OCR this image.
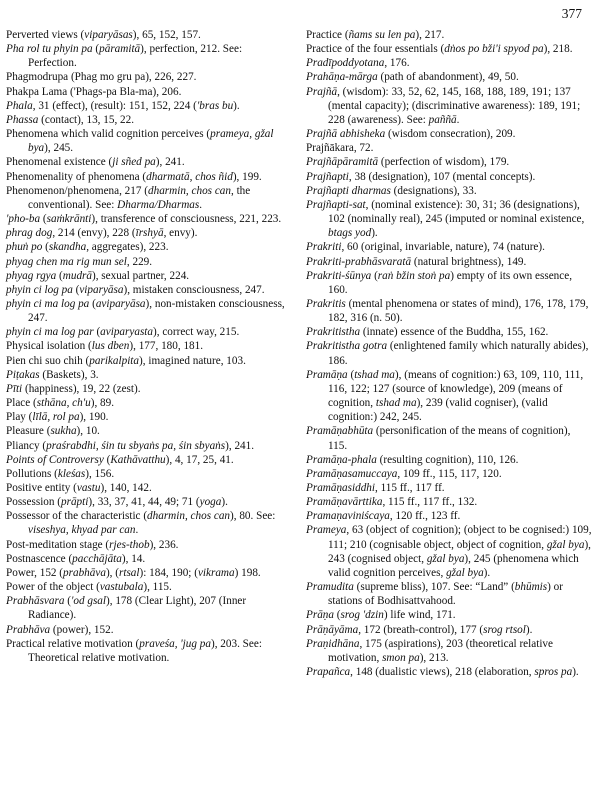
377

Perverted views (viparyāsas), 65, 152, 157.

Pha rol tu phyin pa (pāramitā), perfection, 212. See: Perfection.

Phagmodrupa (Phag mo gru pa), 226, 227.

Phakpa Lama ('Phags-pa Bla-ma), 206.

Phala, 31 (effect), (result): 151, 152, 224 ('bras bu).

Phassa (contact), 13, 15, 22.

Phenomena which valid cognition perceives (prameya, gžal bya), 245.

Phenomenal existence (ji sñed pa), 241.

Phenomenality of phenomena (dharmatā, chos ñid), 199.

Phenomenon/phenomena, 217 (dharmin, chos can, the conventional). See: Dharma/Dharmas.

'pho-ba (saṁkrānti), transference of consciousness, 221, 223.

phrag dog, 214 (envy), 228 (īrshyā, envy).

phuṅ po (skandha, aggregates), 223.

phyag chen ma rig mun sel, 229.

phyag rgya (mudrā), sexual partner, 224.

phyin ci log pa (viparyāsa), mistaken consciousness, 247.

phyin ci ma log pa (aviparyāsa), non-mistaken consciousness, 247.

phyin ci ma log par (aviparyasta), correct way, 215.

Physical isolation (lus dben), 177, 180, 181.

Pien chi suo chih (parikalpita), imagined nature, 103.

Piṭakas (Baskets), 3.

Pīti (happiness), 19, 22 (zest).

Place (sthāna, ch'u), 89.

Play (līlā, rol pa), 190.

Pleasure (sukha), 10.

Pliancy (praśrabdhi, śin tu sbyaṅs pa, śin sbyaṅs), 241.

Points of Controversy (Kathāvatthu), 4, 17, 25, 41.

Pollutions (kleśas), 156.

Positive entity (vastu), 140, 142.

Possession (prāpti), 33, 37, 41, 44, 49; 71 (yoga).

Possessor of the characteristic (dharmin, chos can), 80. See: viseshya, khyad par can.

Post-meditation stage (rjes-thob), 236.

Postnascence (pacchājāta), 14.

Power, 152 (prabhāva), (rtsal): 184, 190; (vikrama) 198.

Power of the object (vastubala), 115.

Prabhāsvara ('od gsal), 178 (Clear Light), 207 (Inner Radiance).

Prabhāva (power), 152.

Practical relative motivation (praveśa, 'jug pa), 203. See: Theoretical relative motivation.

Practice (ñams su len pa), 217.

Practice of the four essentials (dṅos po bži'i spyod pa), 218.

Pradīpoddyotana, 176.

Prahāṇa-mārga (path of abandonment), 49, 50.

Prajñā, (wisdom): 33, 52, 62, 145, 168, 188, 189, 191; 137 (mental capacity); (discriminative awareness): 189, 191; 228 (awareness). See: paññā.

Prajñā abhisheka (wisdom consecration), 209.

Prajñākara, 72.

Prajñāpāramitā (perfection of wisdom), 179.

Prajñapti, 38 (designation), 107 (mental concepts).

Prajñapti dharmas (designations), 33.

Prajñapti-sat, (nominal existence): 30, 31; 36 (designations), 102 (nominally real), 245 (imputed or nominal existence, btags yod).

Prakriti, 60 (original, invariable, nature), 74 (nature).

Prakriti-prabhāsvaratā (natural brightness), 149.

Prakriti-śūnya (raṅ bžin stoṅ pa) empty of its own essence, 160.

Prakritis (mental phenomena or states of mind), 176, 178, 179, 182, 316 (n. 50).

Prakritistha (innate) essence of the Buddha, 155, 162.

Prakritistha gotra (enlightened family which naturally abides), 186.

Pramāṇa (tshad ma), (means of cognition:) 63, 109, 110, 111, 116, 122; 127 (source of knowledge), 209 (means of cognition, tshad ma), 239 (valid cogniser), (valid cognition:) 242, 245.

Pramāṇabhūta (personification of the means of cognition), 115.

Pramāṇa-phala (resulting cognition), 110, 126.

Pramāṇasamuccaya, 109 ff., 115, 117, 120.

Pramāṇasiddhi, 115 ff., 117 ff.

Pramāṇavārttika, 115 ff., 117 ff., 132.

Pramaṇaviniścaya, 120 ff., 123 ff.

Prameya, 63 (object of cognition); (object to be cognised:) 109, 111; 210 (cognisable object, object of cognition, gžal bya), 243 (cognised object, gžal bya), 245 (phenomena which valid cognition perceives, gžal bya).

Pramudita (supreme bliss), 107. See: “Land” (bhūmis) or stations of Bodhisattvahood.

Prāṇa (srog 'dzin) life wind, 171.

Prāṇāyāma, 172 (breath-control), 177 (srog rtsol).

Praṇidhāna, 175 (aspirations), 203 (theoretical relative motivation, smon pa), 213.

Prapañca, 148 (dualistic views), 218 (elaboration, spros pa).
